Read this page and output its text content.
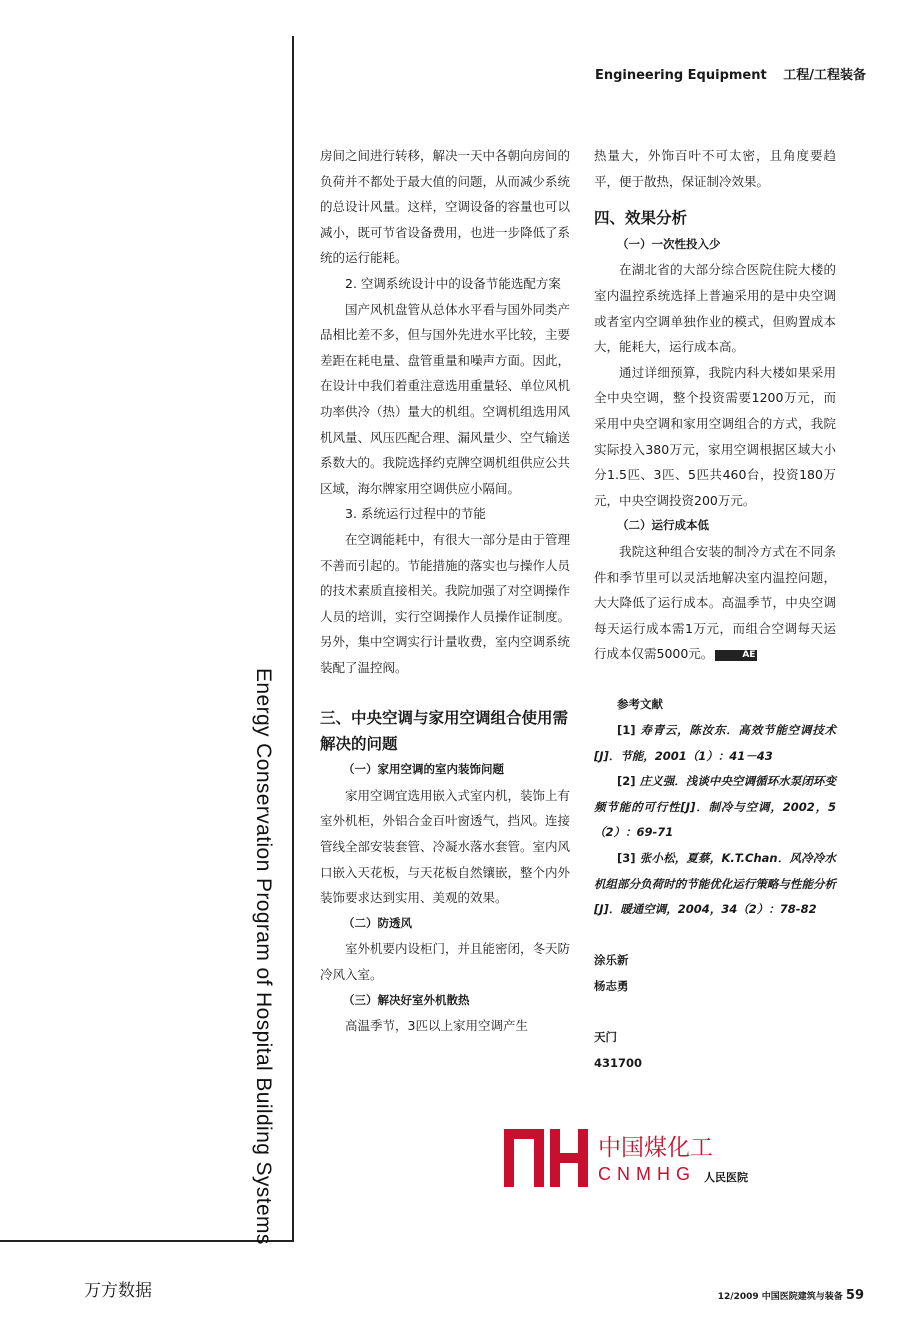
Engineering Equipment 工程/工程装备
Energy Conservation Program of Hospital Building Systems

房间之间进行转移，解决一天中各朝向房间的负荷并不都处于最大值的问题，从而减少系统的总设计风量。这样，空调设备的容量也可以减小，既可节省设备费用，也进一步降低了系统的运行能耗。

2. 空调系统设计中的设备节能选配方案

国产风机盘管从总体水平看与国外同类产品相比差不多，但与国外先进水平比较，主要差距在耗电量、盘管重量和噪声方面。因此，在设计中我们着重注意选用重量轻、单位风机功率供冷（热）量大的机组。空调机组选用风机风量、风压匹配合理、漏风量少、空气输送系数大的。我院选择约克牌空调机组供应公共区域，海尔牌家用空调供应小隔间。

3. 系统运行过程中的节能

在空调能耗中，有很大一部分是由于管理不善而引起的。节能措施的落实也与操作人员的技术素质直接相关。我院加强了对空调操作人员的培训，实行空调操作人员操作证制度。另外，集中空调实行计量收费，室内空调系统装配了温控阀。

三、中央空调与家用空调组合使用需解决的问题

（一）家用空调的室内装饰问题

家用空调宜选用嵌入式室内机，装饰上有室外机柜，外铝合金百叶窗透气，挡风。连接管线全部安装套管、冷凝水落水套管。室内风口嵌入天花板，与天花板自然镶嵌，整个内外装饰要求达到实用、美观的效果。

（二）防透风

室外机要内设柜门，并且能密闭，冬天防冷风入室。

（三）解决好室外机散热

高温季节，3匹以上家用空调产生

热量大，外饰百叶不可太密，且角度要趋平，便于散热，保证制冷效果。

四、效果分析

（一）一次性投入少

在湖北省的大部分综合医院住院大楼的室内温控系统选择上普遍采用的是中央空调或者室内空调单独作业的模式，但购置成本大，能耗大，运行成本高。

通过详细预算，我院内科大楼如果采用全中央空调，整个投资需要1200万元，而采用中央空调和家用空调组合的方式，我院实际投入380万元，家用空调根据区域大小分1.5匹、3匹、5匹共460台，投资180万元，中央空调投资200万元。

（二）运行成本低

我院这种组合安装的制冷方式在不同条件和季节里可以灵活地解决室内温控问题，大大降低了运行成本。高温季节，中央空调每天运行成本需1万元，而组合空调每天运行成本仅需5000元。	AE

参考文献

[1] 寿青云，陈汝东．高效节能空调技术[J]．节能，2001（1）：41－43

[2] 庄义强．浅谈中央空调循环水泵闭环变频节能的可行性[J]．制冷与空调，2002，5（2）：69-71

[3] 张小松，夏蔡，K.T.Chan．风冷冷水机组部分负荷时的节能优化运行策略与性能分析[J]．暖通空调，2004，34（2）：78-82

涂乐新

杨志勇

天门

431700

中国煤化工
CNMHG 人民医院
万方数据	12/2009 中国医院建筑与装备 59
